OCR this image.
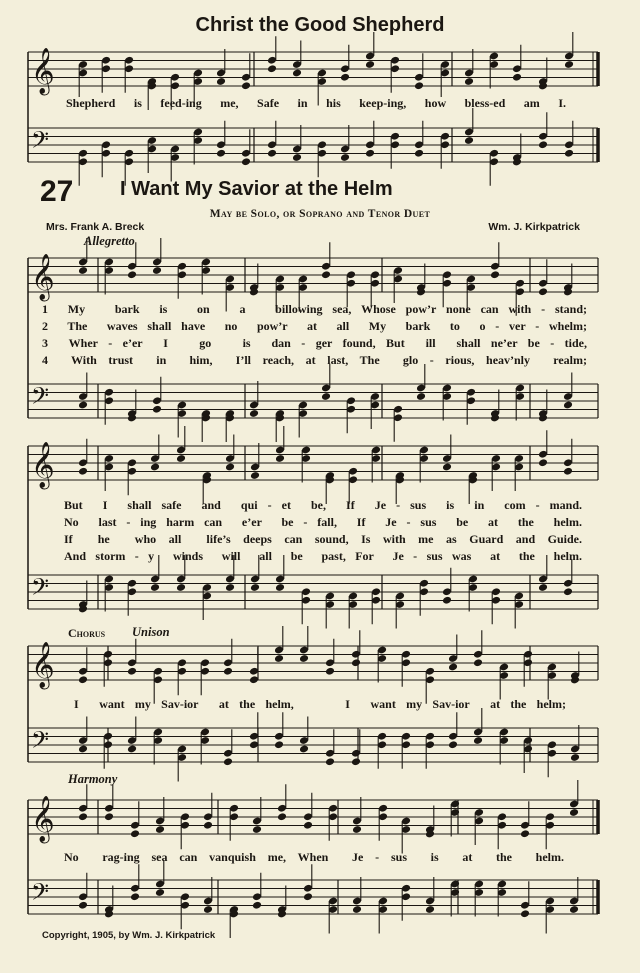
Christ the Good Shepherd
Shepherd is feed-ing me, Safe in his keep-ing, how bless-ed am I.
27 I Want My Savior at the Helm
May be Solo, or Soprano and Tenor Duet
Mrs. Frank A. Breck	Wm. J. Kirkpatrick
Allegretto
1  My   bark  is   on   a   billowing sea, Whose pow’r none can with - stand;
2  The  waves shall have  no  pow’r  at  all  My  bark  to  o - ver - whelm;
3  Wher - e’er  I   go   is  dan - ger found, But  ill  shall ne’er be - tide,
4  With trust  in  him,  I’ll reach, at last, The  glo - rious, heav’nly  realm;
But  I  shall safe  and  qui - et  be,  If  Je - sus  is  in  com - mand.
No  last - ing harm can  e’er  be - fall,  If  Je - sus  be  at  the  helm.
If  he  who all  life’s deeps can sound, Is with me as Guard and Guide.
And storm - y  winds  will  all  be  past, For  Je - sus was  at  the  helm.
Chorus Unison
I  want my Sav-ior  at the helm,     I  want my Sav-ior  at the helm;
Harmony
No  rag-ing sea can vanquish me, When  Je - sus  is  at  the  helm.
Copyright, 1905, by Wm. J. Kirkpatrick
𝄞
𝄢
𝄞
𝄢
𝄞
𝄢
𝄞
𝄢
𝄞
𝄢
